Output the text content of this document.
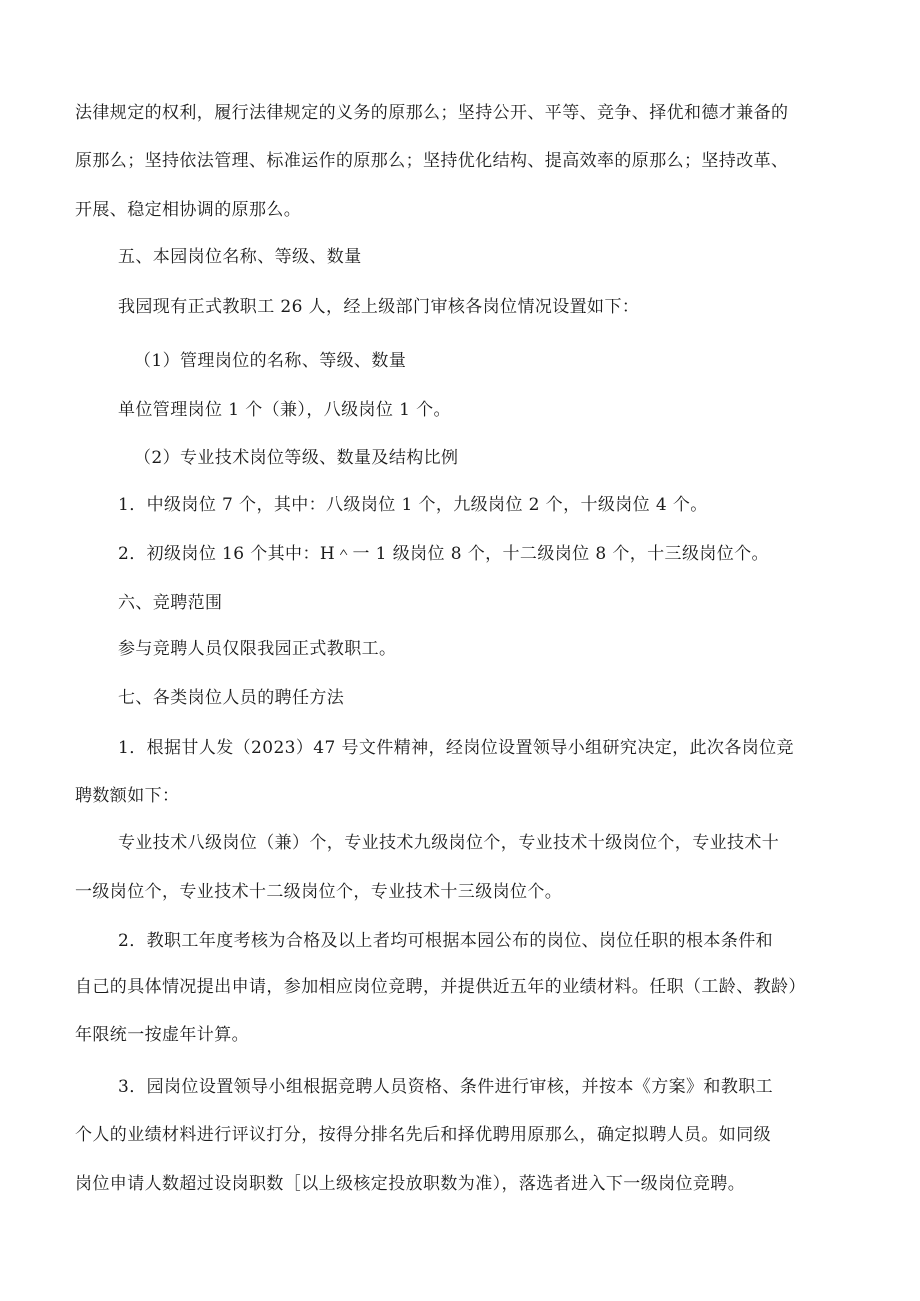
法律规定的权利，履行法律规定的义务的原那么；坚持公开、平等、竞争、择优和德才兼备的
原那么；坚持依法管理、标准运作的原那么；坚持优化结构、提高效率的原那么；坚持改革、
开展、稳定相协调的原那么。
五、本园岗位名称、等级、数量
我园现有正式教职工 26 人，经上级部门审核各岗位情况设置如下：
（1）管理岗位的名称、等级、数量
单位管理岗位 1 个（兼），八级岗位 1 个。
（2）专业技术岗位等级、数量及结构比例
1．中级岗位 7 个，其中：八级岗位 1 个，九级岗位 2 个，十级岗位 4 个。
2．初级岗位 16 个其中：H＾一 1 级岗位 8 个，十二级岗位 8 个，十三级岗位个。
六、竞聘范围
参与竞聘人员仅限我园正式教职工。
七、各类岗位人员的聘任方法
1．根据甘人发（2023）47 号文件精神，经岗位设置领导小组研究决定，此次各岗位竞
聘数额如下：
专业技术八级岗位（兼）个，专业技术九级岗位个，专业技术十级岗位个，专业技术十
一级岗位个，专业技术十二级岗位个，专业技术十三级岗位个。
2．教职工年度考核为合格及以上者均可根据本园公布的岗位、岗位任职的根本条件和
自己的具体情况提出申请，参加相应岗位竞聘，并提供近五年的业绩材料。任职（工龄、教龄）
年限统一按虚年计算。
3．园岗位设置领导小组根据竞聘人员资格、条件进行审核，并按本《方案》和教职工
个人的业绩材料进行评议打分，按得分排名先后和择优聘用原那么，确定拟聘人员。如同级
岗位申请人数超过设岗职数［以上级核定投放职数为准），落选者进入下一级岗位竞聘。
